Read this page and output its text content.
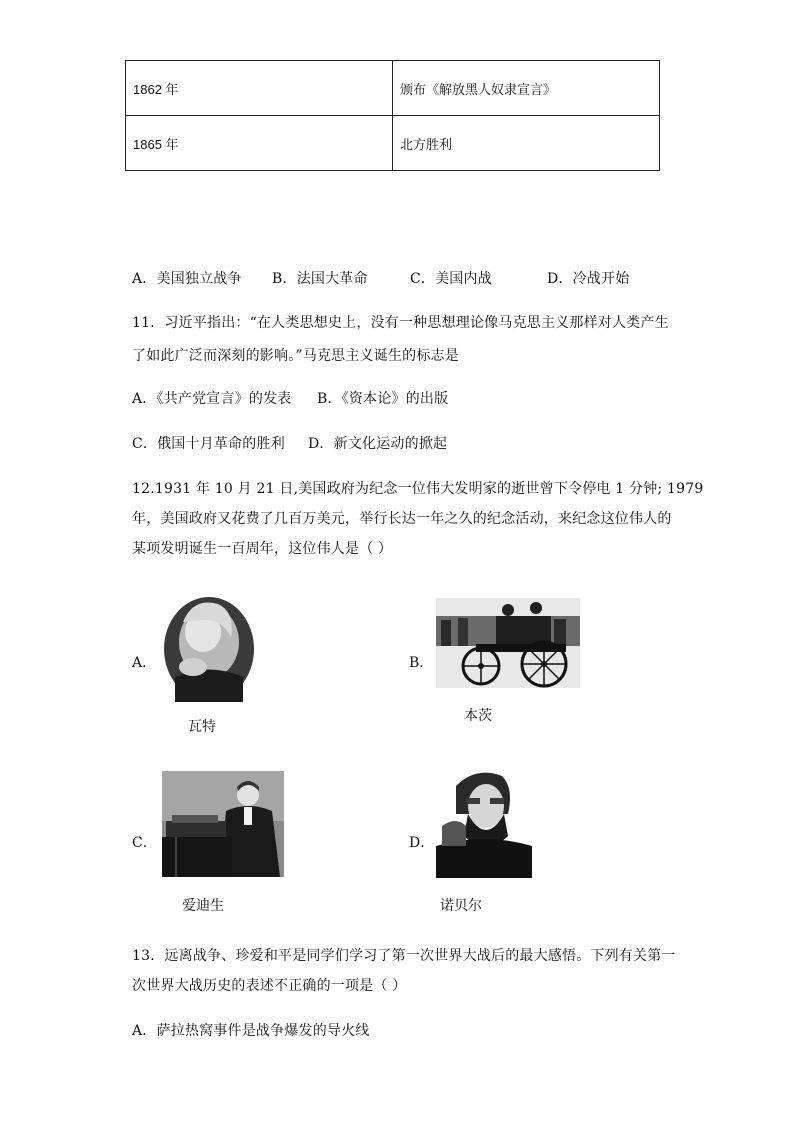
1862 年	颁布《解放黑人奴隶宣言》
1865 年	北方胜利
A．美国独立战争 B．法国大革命	C．美国内战	D．冷战开始
11．习近平指出：“在人类思想史上，没有一种思想理论像马克思主义那样对人类产生
了如此广泛而深刻的影响。”马克思主义诞生的标志是
A．《共产党宣言》的发表 B．《资本论》的出版
C．俄国十月革命的胜利 D．新文化运动的掀起
12.1931 年 10 月 21 日,美国政府为纪念一位伟大发明家的逝世曾下令停电 1 分钟; 1979
年，美国政府又花费了几百万美元，举行长达一年之久的纪念活动，来纪念这位伟人的
某项发明诞生一百周年，这位伟人是（ ）
A．
瓦特
B．
本茨
C．
爱迪生
D．
诺贝尔
13．远离战争、珍爱和平是同学们学习了第一次世界大战后的最大感悟。下列有关第一
次世界大战历史的表述不正确的一项是（ ）
A．萨拉热窝事件是战争爆发的导火线
